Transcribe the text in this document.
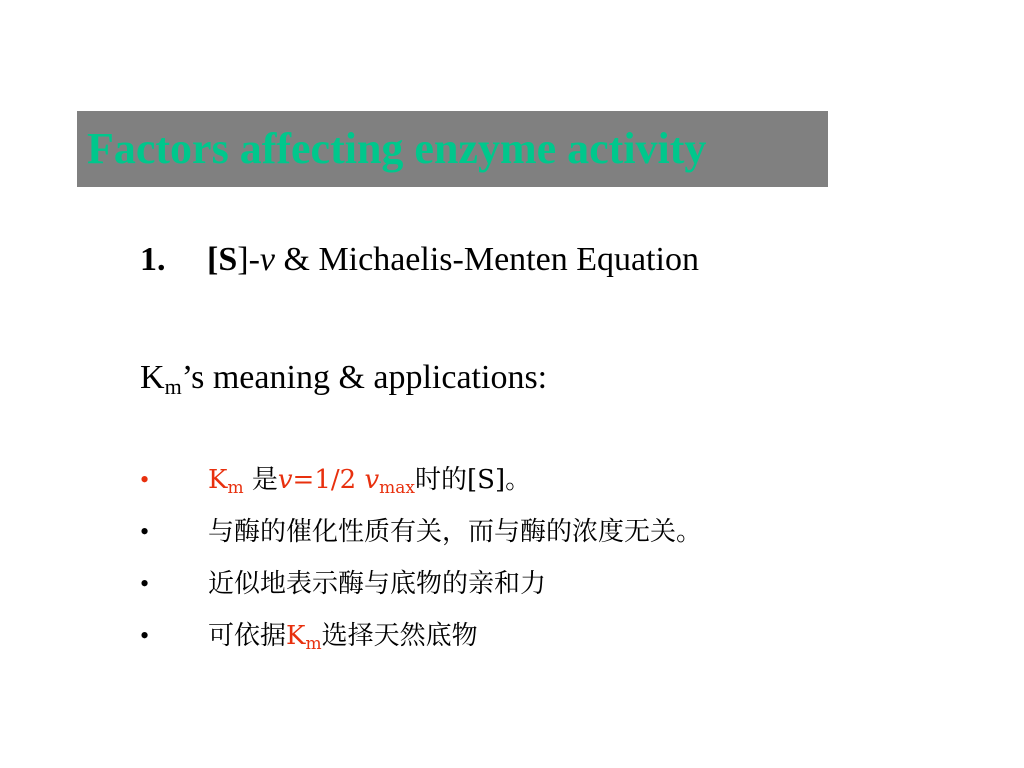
Factors affecting enzyme activity
1. [S]-v & Michaelis-Menten Equation
$K_m’s$ meaning & applications:
•	$K_m$ 是v=1/2 $v_{max}$时的[S]。
•	与酶的催化性质有关，而与酶的浓度无关。
•	近似地表示酶与底物的亲和力
•	可依据$K_m$选择天然底物
